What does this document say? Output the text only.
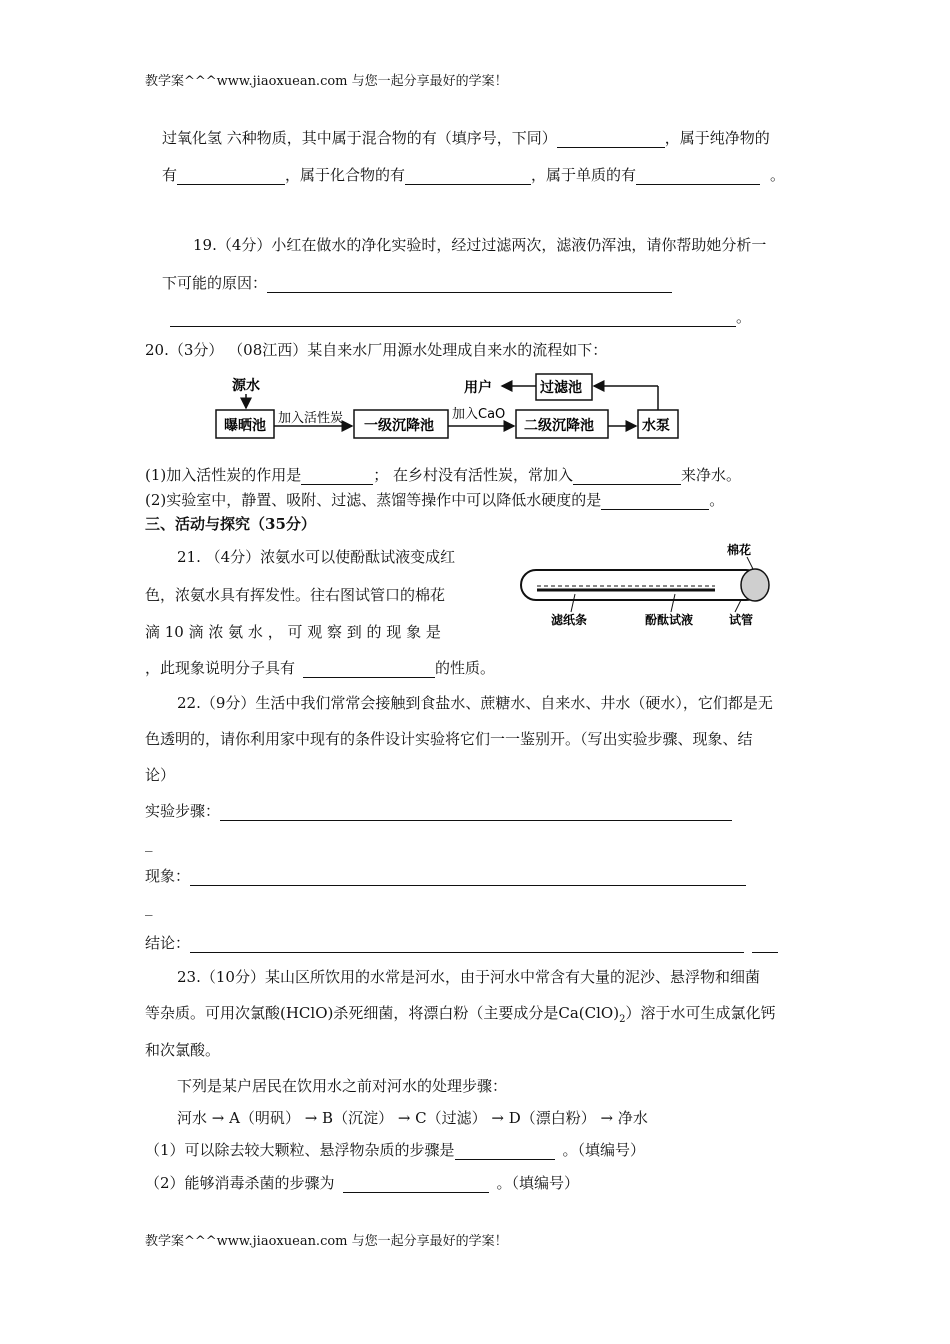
教学案^^^www.jiaoxuean.com 与您一起分享最好的学案！
过氧化氢 六种物质，其中属于混合物的有（填序号，下同）	，属于纯净物的
有	，属于化合物的有	，属于单质的有	。
19.（4分）小红在做水的净化实验时，经过过滤两次，滤液仍浑浊，请你帮助她分析一
下可能的原因：
。
20.（3分） （08江西）某自来水厂用源水处理成自来水的流程如下：
源水
曝晒池 加入活性炭 一级沉降池
加入CaO
二级沉降池	水泵
过滤池
用户
(1)加入活性炭的作用是	； 在乡村没有活性炭，常加入	来净水。
(2)实验室中，静置、吸附、过滤、蒸馏等操作中可以降低水硬度的是	。
三、活动与探究（35分）
21. （4分）浓氨水可以使酚酞试液变成红
色，浓氨水具有挥发性。往右图试管口的棉花
滴 10 滴 浓 氨 水 ， 可 观 察 到 的 现 象 是
，此现象说明分子具有	的性质。
棉花
滤纸条	酚酞试液	试管
22.（9分）生活中我们常常会接触到食盐水、蔗糖水、自来水、井水（硬水），它们都是无
色透明的，请你利用家中现有的条件设计实验将它们一一鉴别开。（写出实验步骤、现象、结
论）
实验步骤：
_
现象：
_
结论：
23.（10分）某山区所饮用的水常是河水，由于河水中常含有大量的泥沙、悬浮物和细菌
等杂质。可用次氯酸(HClO)杀死细菌，将漂白粉（主要成分是$Ca(ClO)_2$）溶于水可生成氯化钙
和次氯酸。
下列是某户居民在饮用水之前对河水的处理步骤：
河水 → A（明矾） → B（沉淀） → C（过滤） → D（漂白粉） → 净水
（1）可以除去较大颗粒、悬浮物杂质的步骤是	。（填编号）
（2）能够消毒杀菌的步骤为	。（填编号）
教学案^^^www.jiaoxuean.com 与您一起分享最好的学案！
